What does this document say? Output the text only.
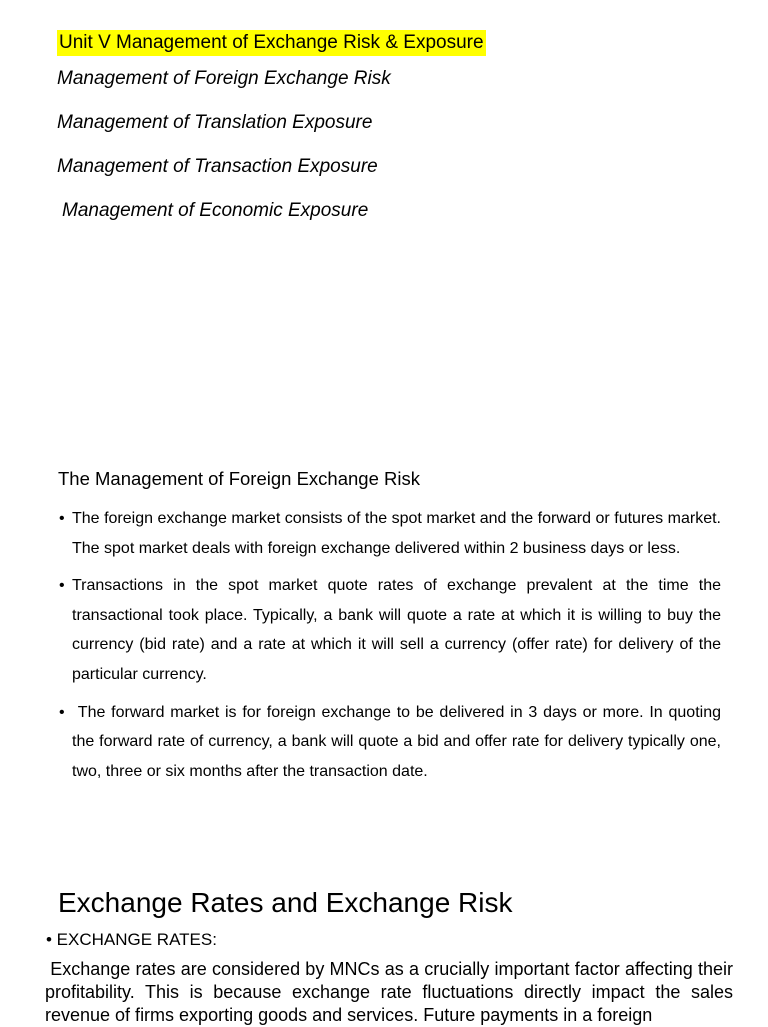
Unit V Management of Exchange Risk & Exposure
Management of Foreign Exchange Risk
Management of Translation Exposure
Management of Transaction Exposure
Management of Economic Exposure
The Management of Foreign Exchange Risk
• The foreign exchange market consists of the spot market and the forward or futures market. The spot market deals with foreign exchange delivered within 2 business days or less.
• Transactions in the spot market quote rates of exchange prevalent at the time the transactional took place. Typically, a bank will quote a rate at which it is willing to buy the currency (bid rate) and a rate at which it will sell a currency (offer rate) for delivery of the particular currency.
• The forward market is for foreign exchange to be delivered in 3 days or more. In quoting the forward rate of currency, a bank will quote a bid and offer rate for delivery typically one, two, three or six months after the transaction date.
Exchange Rates and Exchange Risk
• EXCHANGE RATES:

Exchange rates are considered by MNCs as a crucially important factor affecting their profitability. This is because exchange rate fluctuations directly impact the sales revenue of firms exporting goods and services. Future payments in a foreign
